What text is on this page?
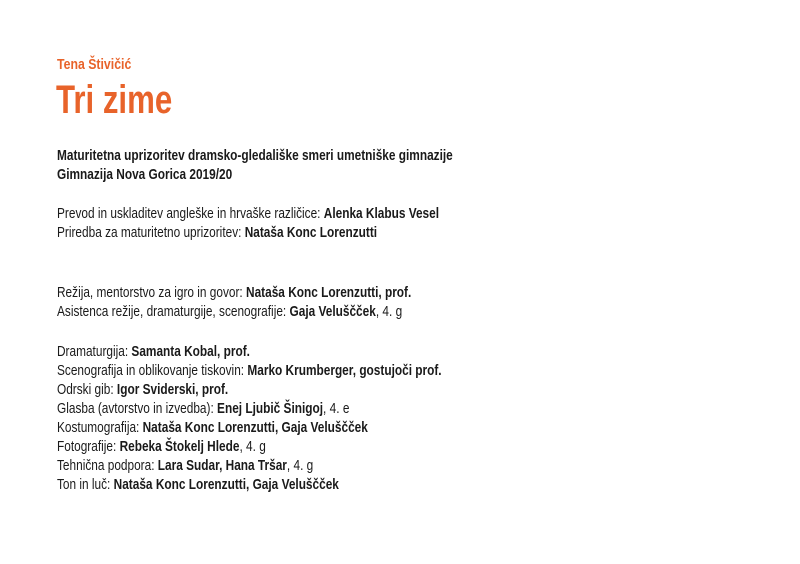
Tena Štivičić
Tri zime
Maturitetna uprizoritev dramsko-gledališke smeri umetniške gimnazije
Gimnazija Nova Gorica 2019/20
Prevod in uskladitev angleške in hrvaške različice: Alenka Klabus Vesel
Priredba za maturitetno uprizoritev: Nataša Konc Lorenzutti
Režija, mentorstvo za igro in govor: Nataša Konc Lorenzutti, prof.
Asistenca režije, dramaturgije, scenografije: Gaja Veluščček, 4. g
Dramaturgija: Samanta Kobal, prof.
Scenografija in oblikovanje tiskovin: Marko Krumberger, gostujoči prof.
Odrski gib: Igor Sviderski, prof.
Glasba (avtorstvo in izvedba): Enej Ljubič Šinigoj, 4. e
Kostumografija: Nataša Konc Lorenzutti, Gaja Veluščček
Fotografije: Rebeka Štokelj Hlede, 4. g
Tehnična podpora: Lara Sudar, Hana Tršar, 4. g
Ton in luč: Nataša Konc Lorenzutti, Gaja Veluščček
